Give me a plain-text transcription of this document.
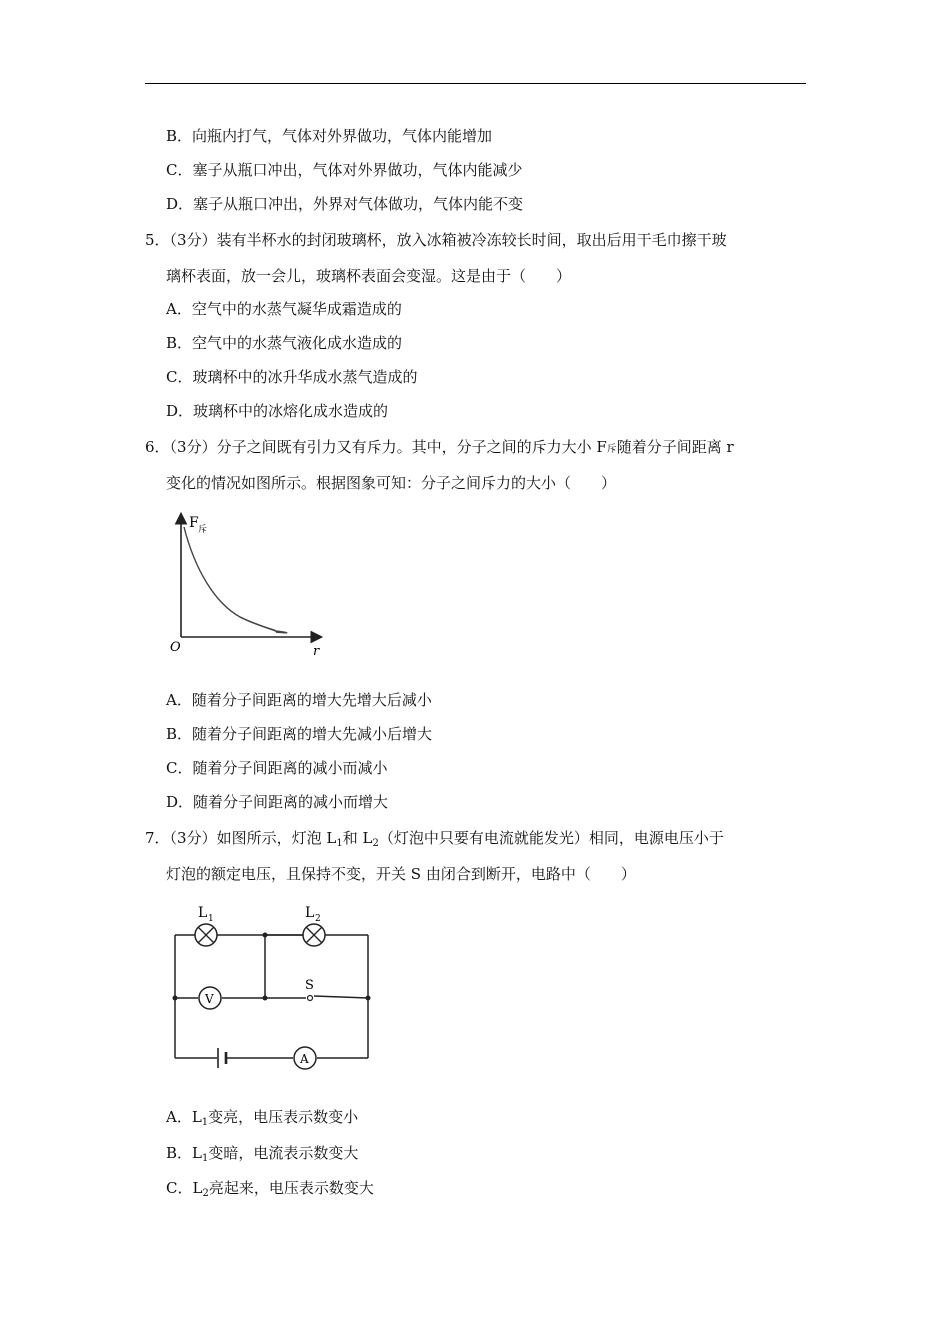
B．向瓶内打气，气体对外界做功，气体内能增加
C．塞子从瓶口冲出，气体对外界做功，气体内能减少
D．塞子从瓶口冲出，外界对气体做功，气体内能不变
5．（3分）装有半杯水的封闭玻璃杯，放入冰箱被冷冻较长时间，取出后用干毛巾擦干玻
璃杯表面，放一会儿，玻璃杯表面会变湿。这是由于（　　）
A．空气中的水蒸气凝华成霜造成的
B．空气中的水蒸气液化成水造成的
C．玻璃杯中的冰升华成水蒸气造成的
D．玻璃杯中的冰熔化成水造成的
6．（3分）分子之间既有引力又有斥力。其中，分子之间的斥力大小 F斥随着分子间距离 r
变化的情况如图所示。根据图象可知：分子之间斥力的大小（　　）
F 斥
r
O
A．随着分子间距离的增大先增大后减小
B．随着分子间距离的增大先减小后增大
C．随着分子间距离的减小而减小
D．随着分子间距离的减小而增大
7．（3分）如图所示，灯泡 $L_1$和 $L_2$（灯泡中只要有电流就能发光）相同，电源电压小于
灯泡的额定电压，且保持不变，开关 S 由闭合到断开，电路中（　　）
L 1	L 2
V
S
A
A．$L_1$变亮，电压表示数变小
B．$L_1$变暗，电流表示数变大
C．$L_2$亮起来，电压表示数变大
